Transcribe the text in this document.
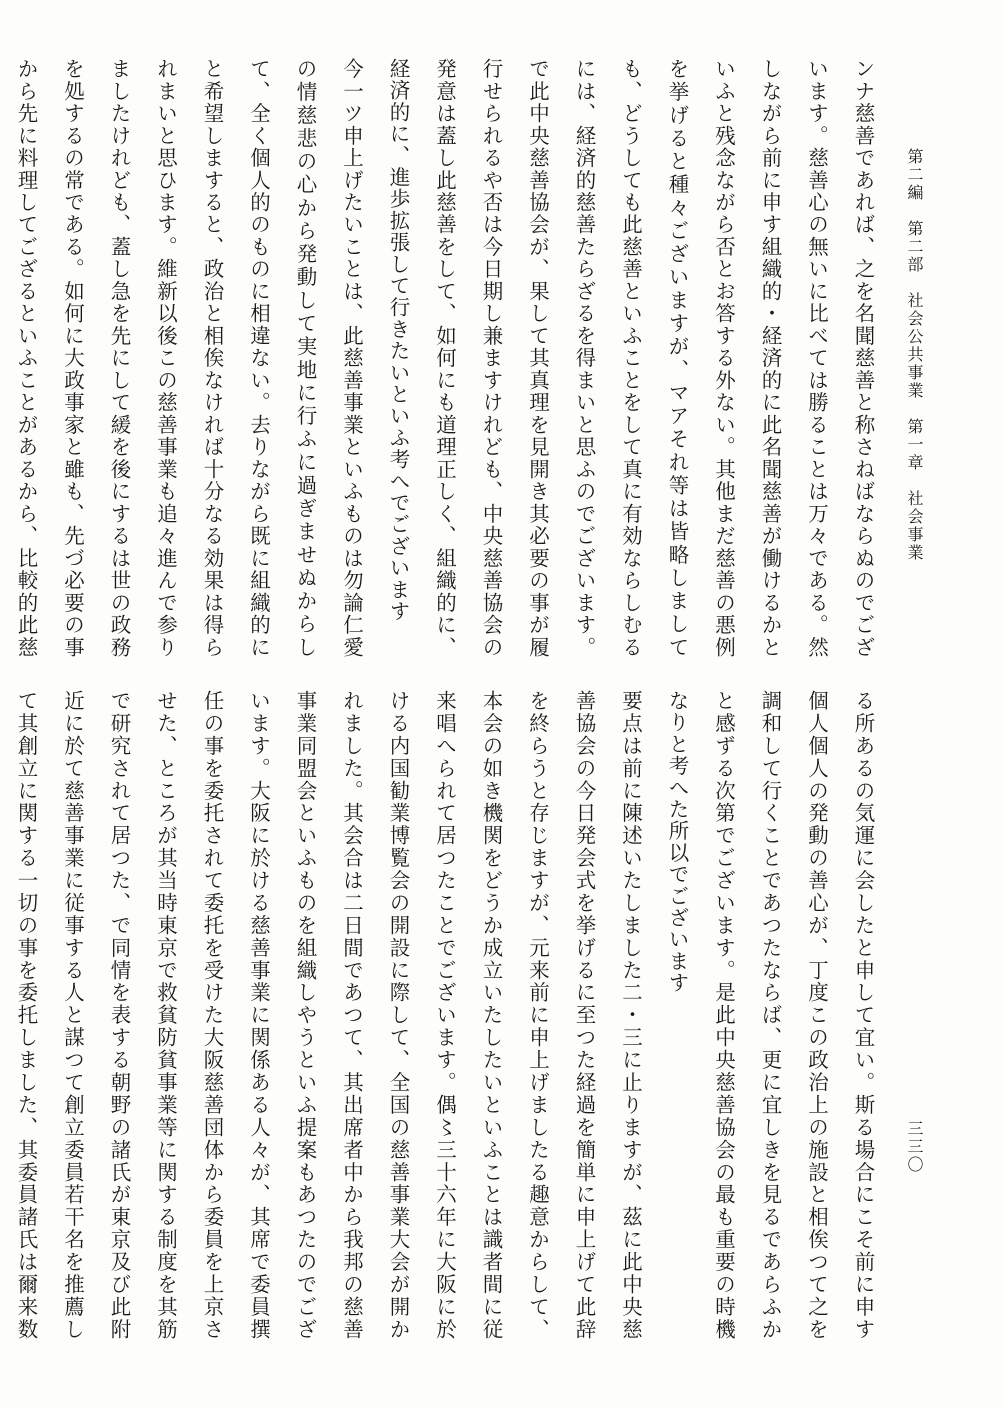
第二編　第二部　社会公共事業　第一章　社会事業
三三〇

ンナ慈善であれば、之を名聞慈善と称さねばならぬのでございます。慈善心の無いに比べては勝ることは万々である。然しながら前に申す組織的・経済的に此名聞慈善が働けるかといふと残念ながら否とお答する外ない。其他まだ慈善の悪例を挙げると種々ございますが、マアそれ等は皆略しましても、どうしても此慈善といふことをして真に有効ならしむるには、経済的慈善たらざるを得まいと思ふのでございます。で此中央慈善協会が、果して其真理を見開き其必要の事が履行せられるや否は今日期し兼ますけれども、中央慈善協会の発意は蓋し此慈善をして、如何にも道理正しく、組織的に、経済的に、進歩拡張して行きたいといふ考へでございます

今一ツ申上げたいことは、此慈善事業といふものは勿論仁愛の情慈悲の心から発動して実地に行ふに過ぎませぬからして、全く個人的のものに相違ない。去りながら既に組織的にと希望しますると、政治と相俟なければ十分なる効果は得られまいと思ひます。維新以後この慈善事業も追々進んで参りましたけれども、蓋し急を先にして緩を後にするは世の政務を処するの常である。如何に大政事家と雖も、先づ必要の事から先に料理してござるといふことがあるから、比較的此慈

る所あるの気運に会したと申して宜い。斯る場合にこそ前に申す個人個人の発動の善心が、丁度この政治上の施設と相俟つて之を調和して行くことであつたならば、更に宜しきを見るであらふかと感ずる次第でございます。是此中央慈善協会の最も重要の時機なりと考へた所以でございます

要点は前に陳述いたしました二・三に止りますが、茲に此中央慈善協会の今日発会式を挙げるに至つた経過を簡単に申上げて此辞を終らうと存じますが、元来前に申上げましたる趣意からして、本会の如き機関をどうか成立いたしたいといふことは識者間に従来唱へられて居つたことでございます。偶〻三十六年に大阪に於ける内国勧業博覧会の開設に際して、全国の慈善事業大会が開かれました。其会合は二日間であつて、其出席者中から我邦の慈善事業同盟会といふものを組織しやうといふ提案もあつたのでございます。大阪に於ける慈善事業に関係ある人々が、其席で委員撰任の事を委托されて委托を受けた大阪慈善団体から委員を上京させた、ところが其当時東京で救貧防貧事業等に関する制度を其筋で研究されて居つた、で同情を表する朝野の諸氏が東京及び此附近に於て慈善事業に従事する人と謀つて創立委員若干名を推薦して其創立に関する一切の事を委托しました、其委員諸氏は爾来数
